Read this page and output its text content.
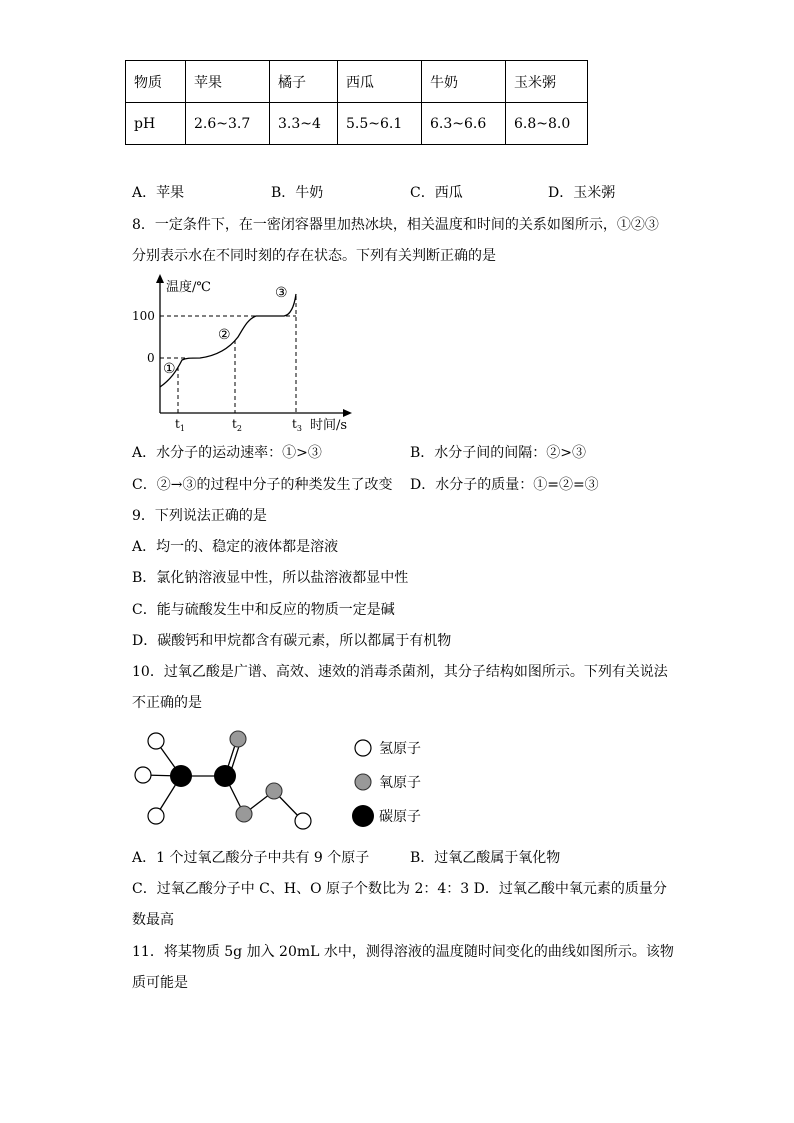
物质	苹果	橘子	西瓜	牛奶	玉米粥
pH	2.6~3.7	3.3~4	5.5~6.1	6.3~6.6	6.8~8.0
A．苹果	B．牛奶	C．西瓜	D．玉米粥
8．一定条件下，在一密闭容器里加热冰块，相关温度和时间的关系如图所示，①②③
分别表示水在不同时刻的存在状态。下列有关判断正确的是
100
0
温度/℃
时间/s
$t_1$	$t_2$	$t_3$
①
②
③
A．水分子的运动速率：①>③	B．水分子间的间隔：②>③
C．②→③的过程中分子的种类发生了改变 D．水分子的质量：①=②=③
9．下列说法正确的是
A．均一的、稳定的液体都是溶液
B．氯化钠溶液显中性，所以盐溶液都显中性
C．能与硫酸发生中和反应的物质一定是碱
D．碳酸钙和甲烷都含有碳元素，所以都属于有机物
10．过氧乙酸是广谱、高效、速效的消毒杀菌剂，其分子结构如图所示。下列有关说法
不正确的是
氢原子
氧原子
碳原子
A．1 个过氧乙酸分子中共有 9 个原子	B．过氧乙酸属于氧化物
C．过氧乙酸分子中 C、H、O 原子个数比为 2：4：3 D．过氧乙酸中氧元素的质量分
数最高
11．将某物质 5g 加入 20mL 水中，测得溶液的温度随时间变化的曲线如图所示。该物
质可能是
